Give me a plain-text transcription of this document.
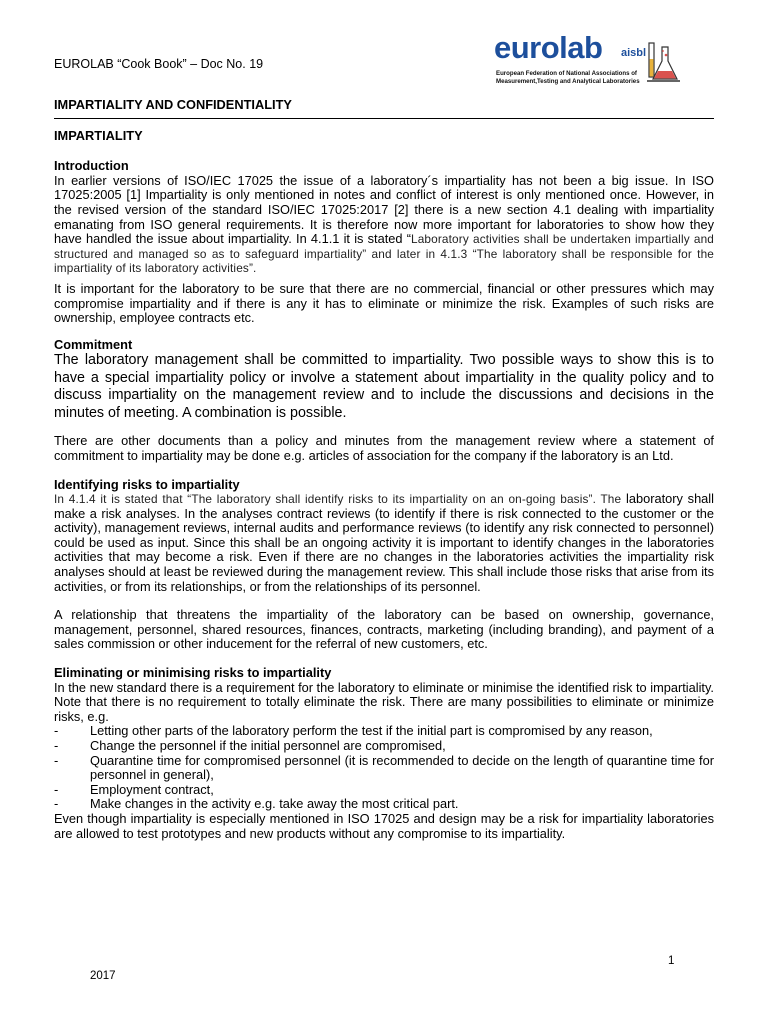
EUROLAB “Cook Book” – Doc No. 19	eurolab aisbl
European Federation of National Associations of
Measurement,Testing and Analytical Laboratories

IMPARTIALITY AND CONFIDENTIALITY

IMPARTIALITY

Introduction

In earlier versions of ISO/IEC 17025 the issue of a laboratory´s impartiality has not been a big issue. In ISO 17025:2005 [1] Impartiality is only mentioned in notes and conflict of interest is only mentioned once. However, in the revised version of the standard ISO/IEC 17025:2017 [2] there is a new section 4.1 dealing with impartiality emanating from ISO general requirements. It is therefore now more important for laboratories to show how they have handled the issue about impartiality. In 4.1.1 it is stated “Laboratory activities shall be undertaken impartially and structured and managed so as to safeguard impartiality” and later in 4.1.3 “The laboratory shall be responsible for the impartiality of its laboratory activities”.

It is important for the laboratory to be sure that there are no commercial, financial or other pressures which may compromise impartiality and if there is any it has to eliminate or minimize the risk. Examples of such risks are ownership, employee contracts etc.

Commitment

The laboratory management shall be committed to impartiality. Two possible ways to show this is to have a special impartiality policy or involve a statement about impartiality in the quality policy and to discuss impartiality on the management review and to include the discussions and decisions in the minutes of meeting. A combination is possible.

There are other documents than a policy and minutes from the management review where a statement of commitment to impartiality may be done e.g. articles of association for the company if the laboratory is an Ltd.

Identifying risks to impartiality

In 4.1.4 it is stated that “The laboratory shall identify risks to its impartiality on an on-going basis”. The laboratory shall make a risk analyses. In the analyses contract reviews (to identify if there is risk connected to the customer or the activity), management reviews, internal audits and performance reviews (to identify any risk connected to personnel) could be used as input. Since this shall be an ongoing activity it is important to identify changes in the laboratories activities that may become a risk. Even if there are no changes in the laboratories activities the impartiality risk analyses should at least be reviewed during the management review. This shall include those risks that arise from its activities, or from its relationships, or from the relationships of its personnel.

A relationship that threatens the impartiality of the laboratory can be based on ownership, governance, management, personnel, shared resources, finances, contracts, marketing (including branding), and payment of a sales commission or other inducement for the referral of new customers, etc.

Eliminating or minimising risks to impartiality

In the new standard there is a requirement for the laboratory to eliminate or minimise the identified risk to impartiality. Note that there is no requirement to totally eliminate the risk. There are many possibilities to eliminate or minimize risks, e.g.

- Letting other parts of the laboratory perform the test if the initial part is compromised by any reason,
- Change the personnel if the initial personnel are compromised,
- Quarantine time for compromised personnel (it is recommended to decide on the length of quarantine time for personnel in general),
- Employment contract,
- Make changes in the activity e.g. take away the most critical part.

Even though impartiality is especially mentioned in ISO 17025 and design may be a risk for impartiality laboratories are allowed to test prototypes and new products without any compromise to its impartiality.

1
2017
